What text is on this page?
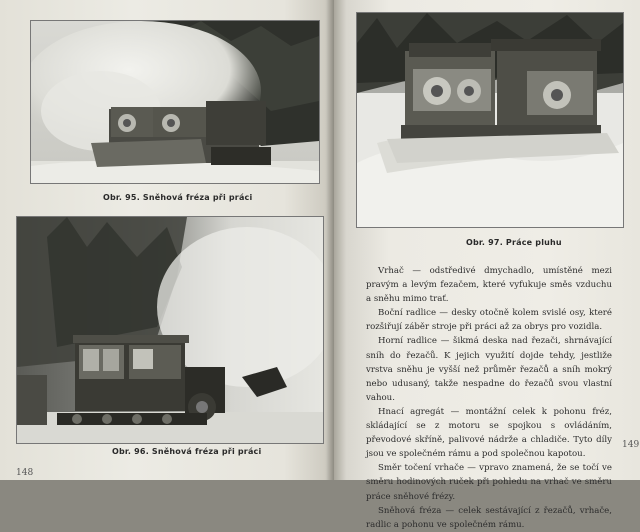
Obr. 95. Sněhová fréza při práci
Obr. 96. Sněhová fréza při práci
148
Obr. 97. Práce pluhu

Vrhač — odstředivé dmychadlo, umístěné mezi pravým a levým fezačem, které vyfukuje směs vzduchu a sněhu mimo trať.

Boční radlice — desky otočně kolem svislé osy, které rozšiřují záběr stroje při práci až za obrys pro vozidla.

Horní radlice — šikmá deska nad řezači, shrnávající sníh do řezačů. K jejich využití dojde tehdy, jestliže vrstva sněhu je vyšší než průměr řezačů a sníh mokrý nebo udusaný, takže nespadne do řezačů svou vlastní vahou.

Hnací agregát — montážní celek k pohonu fréz, skládající se z motoru se spojkou s ovládáním, převodové skříně, palivové nádrže a chladiče. Tyto díly jsou ve společném rámu a pod společnou kapotou.

Směr točení vrhače — vpravo znamená, že se točí ve směru hodinových ruček při pohledu na vrhač ve směru práce sněhové frézy.

Sněhová fréza — celek sestávající z řezačů, vrhače, radlic a pohonu ve společném rámu.

149
